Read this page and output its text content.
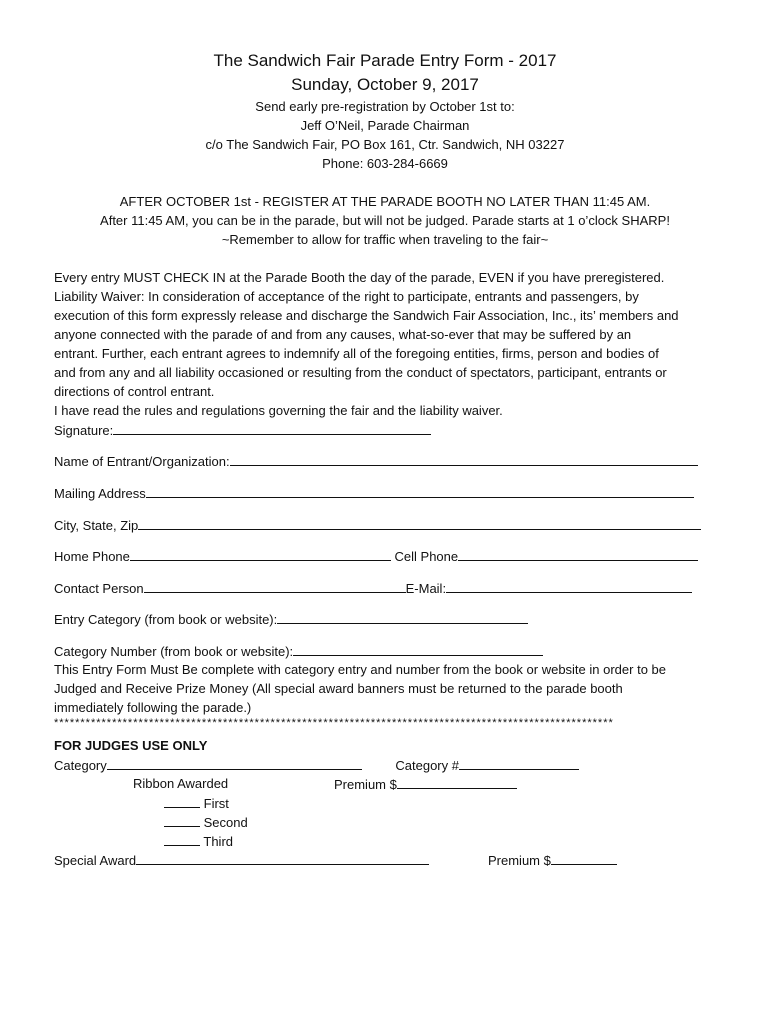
The Sandwich Fair Parade Entry Form - 2017
Sunday, October 9, 2017
Send early pre-registration by October 1st to:
Jeff O’Neil, Parade Chairman
c/o The Sandwich Fair, PO Box 161, Ctr. Sandwich, NH 03227
Phone: 603-284-6669
AFTER OCTOBER 1st - REGISTER AT THE PARADE BOOTH NO LATER THAN 11:45 AM.
After 11:45 AM, you can be in the parade, but will not be judged. Parade starts at 1 o’clock SHARP!
~Remember to allow for traffic when traveling to the fair~
Every entry MUST CHECK IN at the Parade Booth the day of the parade, EVEN if you have preregistered.
Liability Waiver: In consideration of acceptance of the right to participate, entrants and passengers, by
execution of this form expressly release and discharge the Sandwich Fair Association, Inc., its’ members and
anyone connected with the parade of and from any causes, what-so-ever that may be suffered by an
entrant. Further, each entrant agrees to indemnify all of the foregoing entities, firms, person and bodies of
and from any and all liability occasioned or resulting from the conduct of spectators, participant, entrants or
directions of control entrant.
I have read the rules and regulations governing the fair and the liability waiver.
Signature:
Name of Entrant/Organization:
Mailing Address
City, State, Zip
Home Phone	Cell Phone
Contact Person	E-Mail:
Entry Category (from book or website):
Category Number (from book or website):
This Entry Form Must Be complete with category entry and number from the book or website in order to be
Judged and Receive Prize Money (All special award banners must be returned to the parade booth
immediately following the parade.)
**********************************************************************************************************
FOR JUDGES USE ONLY
Category	Category #
Ribbon Awarded	Premium $
First
Second
Third
Special Award	Premium $
